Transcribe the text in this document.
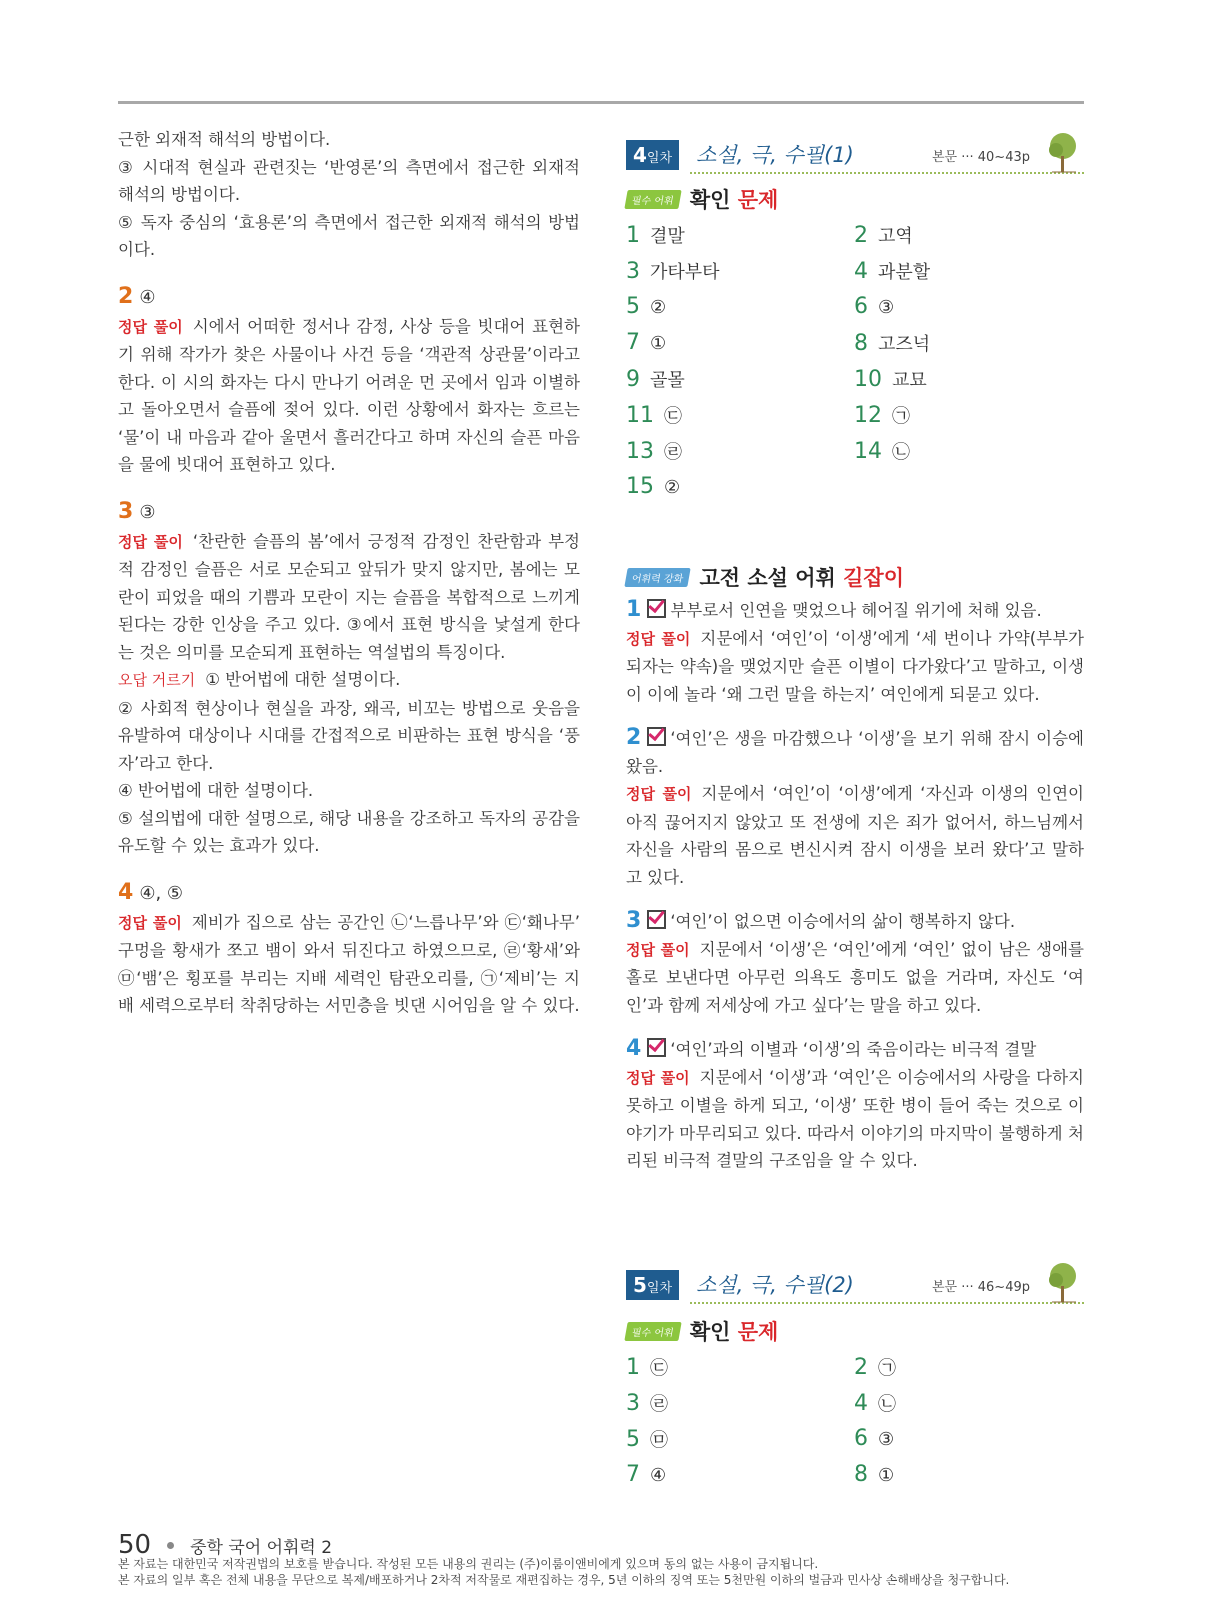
근한 외재적 해석의 방법이다.

③ 시대적 현실과 관련짓는 ‘반영론’의 측면에서 접근한 외재적 해석의 방법이다.

⑤ 독자 중심의 ‘효용론’의 측면에서 접근한 외재적 해석의 방법이다.

2 ④

정답 풀이 시에서 어떠한 정서나 감정, 사상 등을 빗대어 표현하기 위해 작가가 찾은 사물이나 사건 등을 ‘객관적 상관물’이라고 한다. 이 시의 화자는 다시 만나기 어려운 먼 곳에서 임과 이별하고 돌아오면서 슬픔에 젖어 있다. 이런 상황에서 화자는 흐르는 ‘물’이 내 마음과 같아 울면서 흘러간다고 하며 자신의 슬픈 마음을 물에 빗대어 표현하고 있다.

3 ③

정답 풀이 ‘찬란한 슬픔의 봄’에서 긍정적 감정인 찬란함과 부정적 감정인 슬픔은 서로 모순되고 앞뒤가 맞지 않지만, 봄에는 모란이 피었을 때의 기쁨과 모란이 지는 슬픔을 복합적으로 느끼게 된다는 강한 인상을 주고 있다. ③에서 표현 방식을 낯설게 한다는 것은 의미를 모순되게 표현하는 역설법의 특징이다.

오답 거르기 ① 반어법에 대한 설명이다.

② 사회적 현상이나 현실을 과장, 왜곡, 비꼬는 방법으로 웃음을 유발하여 대상이나 시대를 간접적으로 비판하는 표현 방식을 ‘풍자’라고 한다.

④ 반어법에 대한 설명이다.

⑤ 설의법에 대한 설명으로, 해당 내용을 강조하고 독자의 공감을 유도할 수 있는 효과가 있다.

4 ④, ⑤

정답 풀이 제비가 집으로 삼는 공간인 ㉡‘느릅나무’와 ㉢‘홰나무’ 구멍을 황새가 쪼고 뱀이 와서 뒤진다고 하였으므로, ㉣‘황새’와 ㉤‘뱀’은 횡포를 부리는 지배 세력인 탐관오리를, ㉠‘제비’는 지배 세력으로부터 착취당하는 서민층을 빗댄 시어임을 알 수 있다.

4일차	소설, 극, 수필(1)	본문 ··· 40~43p
필수 어휘 확인 문제
1 결말	2 고역
3 가타부타	4 과분할
5 ②	6 ③
7 ①	8 고즈넉
9 골몰	10 교묘
11 ㉢	12 ㉠
13 ㉣	14 ㉡
15 ②
어휘력 강화 고전 소설 어휘 길잡이

1 부부로서 인연을 맺었으나 헤어질 위기에 처해 있음.

정답 풀이 지문에서 ‘여인’이 ‘이생’에게 ‘세 번이나 가약(부부가 되자는 약속)을 맺었지만 슬픈 이별이 다가왔다’고 말하고, 이생이 이에 놀라 ‘왜 그런 말을 하는지’ 여인에게 되묻고 있다.

2 ‘여인’은 생을 마감했으나 ‘이생’을 보기 위해 잠시 이승에 왔음.

정답 풀이 지문에서 ‘여인’이 ‘이생’에게 ‘자신과 이생의 인연이 아직 끊어지지 않았고 또 전생에 지은 죄가 없어서, 하느님께서 자신을 사람의 몸으로 변신시켜 잠시 이생을 보러 왔다’고 말하고 있다.

3 ‘여인’이 없으면 이승에서의 삶이 행복하지 않다.

정답 풀이 지문에서 ‘이생’은 ‘여인’에게 ‘여인’ 없이 남은 생애를 홀로 보낸다면 아무런 의욕도 흥미도 없을 거라며, 자신도 ‘여인’과 함께 저세상에 가고 싶다’는 말을 하고 있다.

4 ‘여인’과의 이별과 ‘이생’의 죽음이라는 비극적 결말

정답 풀이 지문에서 ‘이생’과 ‘여인’은 이승에서의 사랑을 다하지 못하고 이별을 하게 되고, ‘이생’ 또한 병이 들어 죽는 것으로 이야기가 마무리되고 있다. 따라서 이야기의 마지막이 불행하게 처리된 비극적 결말의 구조임을 알 수 있다.

5일차	소설, 극, 수필(2)	본문 ··· 46~49p
필수 어휘 확인 문제
1 ㉢	2 ㉠
3 ㉣	4 ㉡
5 ㉤	6 ③
7 ④	8 ①
50 중학 국어 어휘력 2
본 자료는 대한민국 저작권법의 보호를 받습니다. 작성된 모든 내용의 권리는 (주)이룸이앤비에게 있으며 동의 없는 사용이 금지됩니다.
본 자료의 일부 혹은 전체 내용을 무단으로 복제/배포하거나 2차적 저작물로 재편집하는 경우, 5년 이하의 징역 또는 5천만원 이하의 벌금과 민사상 손해배상을 청구합니다.
